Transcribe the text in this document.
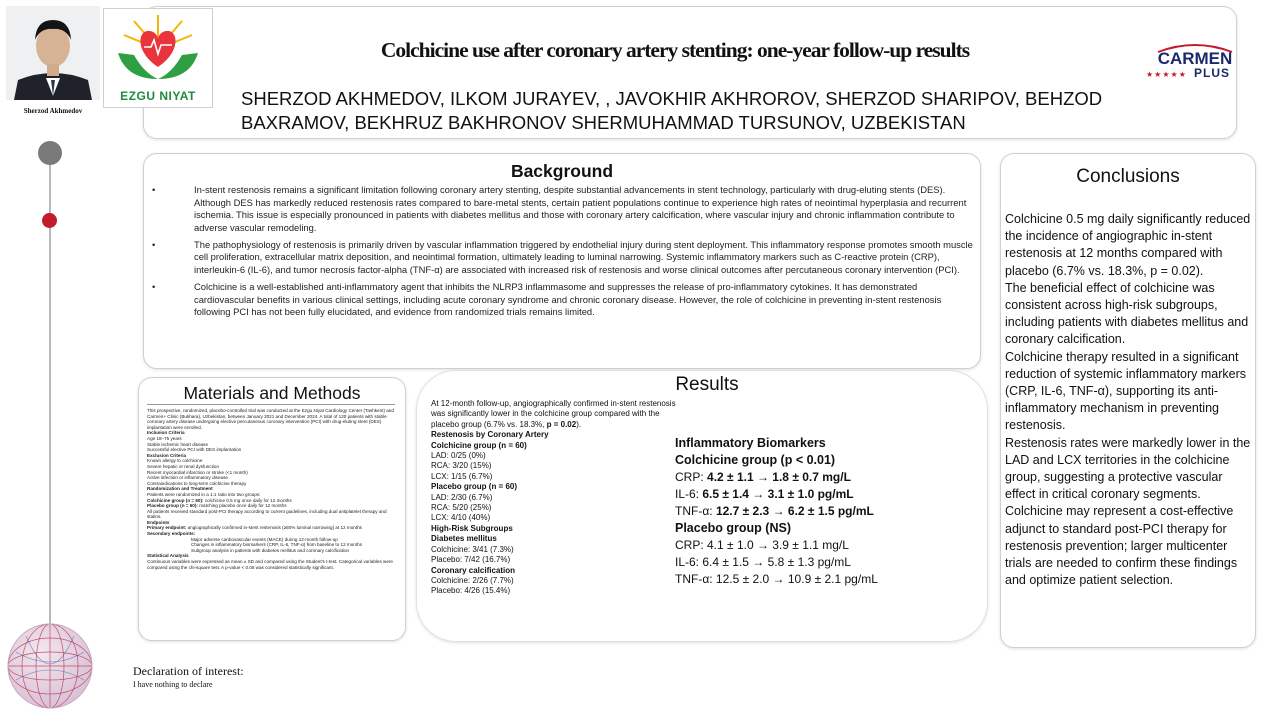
Sherzod Akhmedov
EZGU NIYAT
Colchicine use after coronary artery stenting: one-year follow-up results
SHERZOD AKHMEDOV, ILKOM JURAYEV, , JAVOKHIR AKHROROV, SHERZOD SHARIPOV, BEHZOD
BAXRAMOV, BEKHRUZ BAKHRONOV SHERMUHAMMAD TURSUNOV, UZBEKISTAN
CARMEN
★★★★★ PLUS
Background
•	In-stent restenosis remains a significant limitation following coronary artery stenting, despite substantial advancements in stent technology, particularly with drug-eluting stents (DES). Although DES has markedly reduced restenosis rates compared to bare-metal stents, certain patient populations continue to experience high rates of neointimal hyperplasia and recurrent ischemia. This issue is especially pronounced in patients with diabetes mellitus and those with coronary artery calcification, where vascular injury and chronic inflammation contribute to adverse vascular remodeling.
•	The pathophysiology of restenosis is primarily driven by vascular inflammation triggered by endothelial injury during stent deployment. This inflammatory response promotes smooth muscle cell proliferation, extracellular matrix deposition, and neointimal formation, ultimately leading to luminal narrowing. Systemic inflammatory markers such as C-reactive protein (CRP), interleukin-6 (IL-6), and tumor necrosis factor-alpha (TNF-α) are associated with increased risk of restenosis and worse clinical outcomes after percutaneous coronary intervention (PCI).
•	Colchicine is a well-established anti-inflammatory agent that inhibits the NLRP3 inflammasome and suppresses the release of pro-inflammatory cytokines. It has demonstrated cardiovascular benefits in various clinical settings, including acute coronary syndrome and chronic coronary disease. However, the role of colchicine in preventing in-stent restenosis following PCI has not been fully elucidated, and evidence from randomized trials remains limited.
Materials and Methods

This prospective, randomized, placebo-controlled trial was conducted at the Ezgu Niyat Cardiology Center (Tashkent) and Carmen+ Clinic (Bukhara), Uzbekistan, between January 2021 and December 2024. A total of 120 patients with stable coronary artery disease undergoing elective percutaneous coronary intervention (PCI) with drug-eluting stent (DES) implantation were enrolled.

Inclusion Criteria

Age 18–75 years

Stable ischemic heart disease

Successful elective PCI with DES implantation

Exclusion Criteria

Known allergy to colchicine

Severe hepatic or renal dysfunction

Recent myocardial infarction or stroke (<1 month)

Active infection or inflammatory disease

Contraindications to long-term colchicine therapy

Randomization and Treatment

Patients were randomized in a 1:1 ratio into two groups:

Colchicine group (n = 60): colchicine 0.5 mg once daily for 12 months

Placebo group (n = 60): matching placebo once daily for 12 months

All patients received standard post-PCI therapy according to current guidelines, including dual antiplatelet therapy and statins.

Endpoints

Primary endpoint: angiographically confirmed in-stent restenosis (≥50% luminal narrowing) at 12 months

Secondary endpoints:

Major adverse cardiovascular events (MACE) during 12-month follow-up

Changes in inflammatory biomarkers (CRP, IL-6, TNF-α) from baseline to 12 months

Subgroup analysis in patients with diabetes mellitus and coronary calcification

Statistical Analysis

Continuous variables were expressed as mean ± SD and compared using the Student's t-test. Categorical variables were compared using the chi-square test. A p-value < 0.05 was considered statistically significant.

Results

At 12-month follow-up, angiographically confirmed in-stent restenosis was significantly lower in the colchicine group compared with the placebo group (6.7% vs. 18.3%, p = 0.02).

Restenosis by Coronary Artery

Colchicine group (n = 60)

LAD: 0/25 (0%)

RCA: 3/20 (15%)

LCX: 1/15 (6.7%)

Placebo group (n = 60)

LAD: 2/30 (6.7%)

RCA: 5/20 (25%)

LCX: 4/10 (40%)

High-Risk Subgroups

Diabetes mellitus

Colchicine: 3/41 (7.3%)

Placebo: 7/42 (16.7%)

Coronary calcification

Colchicine: 2/26 (7.7%)

Placebo: 4/26 (15.4%)

Inflammatory Biomarkers

Colchicine group (p < 0.01)

CRP: 4.2 ± 1.1 → 1.8 ± 0.7 mg/L

IL-6: 6.5 ± 1.4 → 3.1 ± 1.0 pg/mL

TNF-α: 12.7 ± 2.3 → 6.2 ± 1.5 pg/mL

Placebo group (NS)

CRP: 4.1 ± 1.0 → 3.9 ± 1.1 mg/L

IL-6: 6.4 ± 1.5 → 5.8 ± 1.3 pg/mL

TNF-α: 12.5 ± 2.0 → 10.9 ± 2.1 pg/mL

Conclusions

Colchicine 0.5 mg daily significantly reduced the incidence of angiographic in-stent restenosis at 12 months compared with placebo (6.7% vs. 18.3%, p = 0.02).

The beneficial effect of colchicine was consistent across high-risk subgroups, including patients with diabetes mellitus and coronary calcification.

Colchicine therapy resulted in a significant reduction of systemic inflammatory markers (CRP, IL-6, TNF-α), supporting its anti-inflammatory mechanism in preventing restenosis.

Restenosis rates were markedly lower in the LAD and LCX territories in the colchicine group, suggesting a protective vascular effect in critical coronary segments.

Colchicine may represent a cost-effective adjunct to standard post-PCI therapy for restenosis prevention; larger multicenter trials are needed to confirm these findings and optimize patient selection.

Declaration of interest:
I have nothing to declare
